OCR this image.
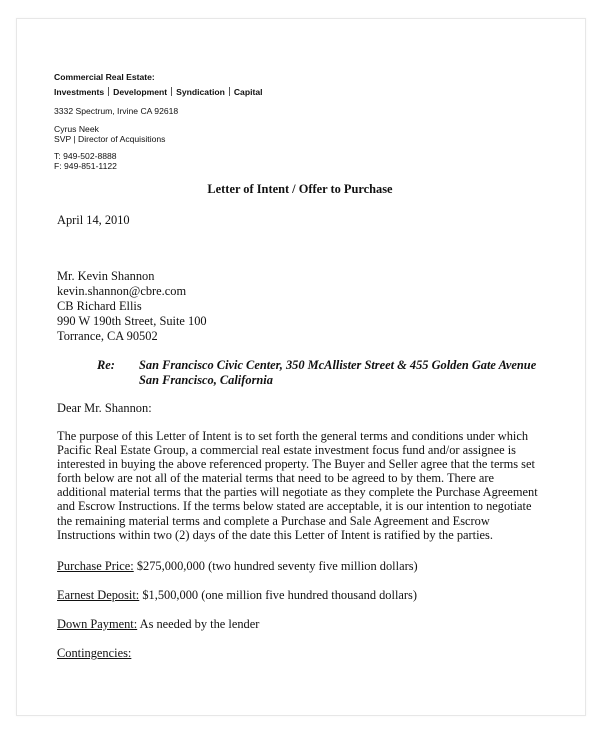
Commercial Real Estate:
Investments Development Syndication Capital
3332 Spectrum, Irvine CA 92618
Cyrus Neek
SVP | Director of Acquisitions
T: 949-502-8888
F: 949-851-1122
Letter of Intent / Offer to Purchase
April 14, 2010
Mr. Kevin Shannon
kevin.shannon@cbre.com
CB Richard Ellis
990 W 190th Street, Suite 100
Torrance, CA 90502
Re: San Francisco Civic Center, 350 McAllister Street & 455 Golden Gate Avenue
San Francisco, California
Dear Mr. Shannon:
The purpose of this Letter of Intent is to set forth the general terms and conditions under which
Pacific Real Estate Group, a commercial real estate investment focus fund and/or assignee is
interested in buying the above referenced property. The Buyer and Seller agree that the terms set
forth below are not all of the material terms that need to be agreed to by them. There are
additional material terms that the parties will negotiate as they complete the Purchase Agreement
and Escrow Instructions. If the terms below stated are acceptable, it is our intention to negotiate
the remaining material terms and complete a Purchase and Sale Agreement and Escrow
Instructions within two (2) days of the date this Letter of Intent is ratified by the parties.
Purchase Price: $275,000,000 (two hundred seventy five million dollars)
Earnest Deposit: $1,500,000 (one million five hundred thousand dollars)
Down Payment: As needed by the lender
Contingencies:
